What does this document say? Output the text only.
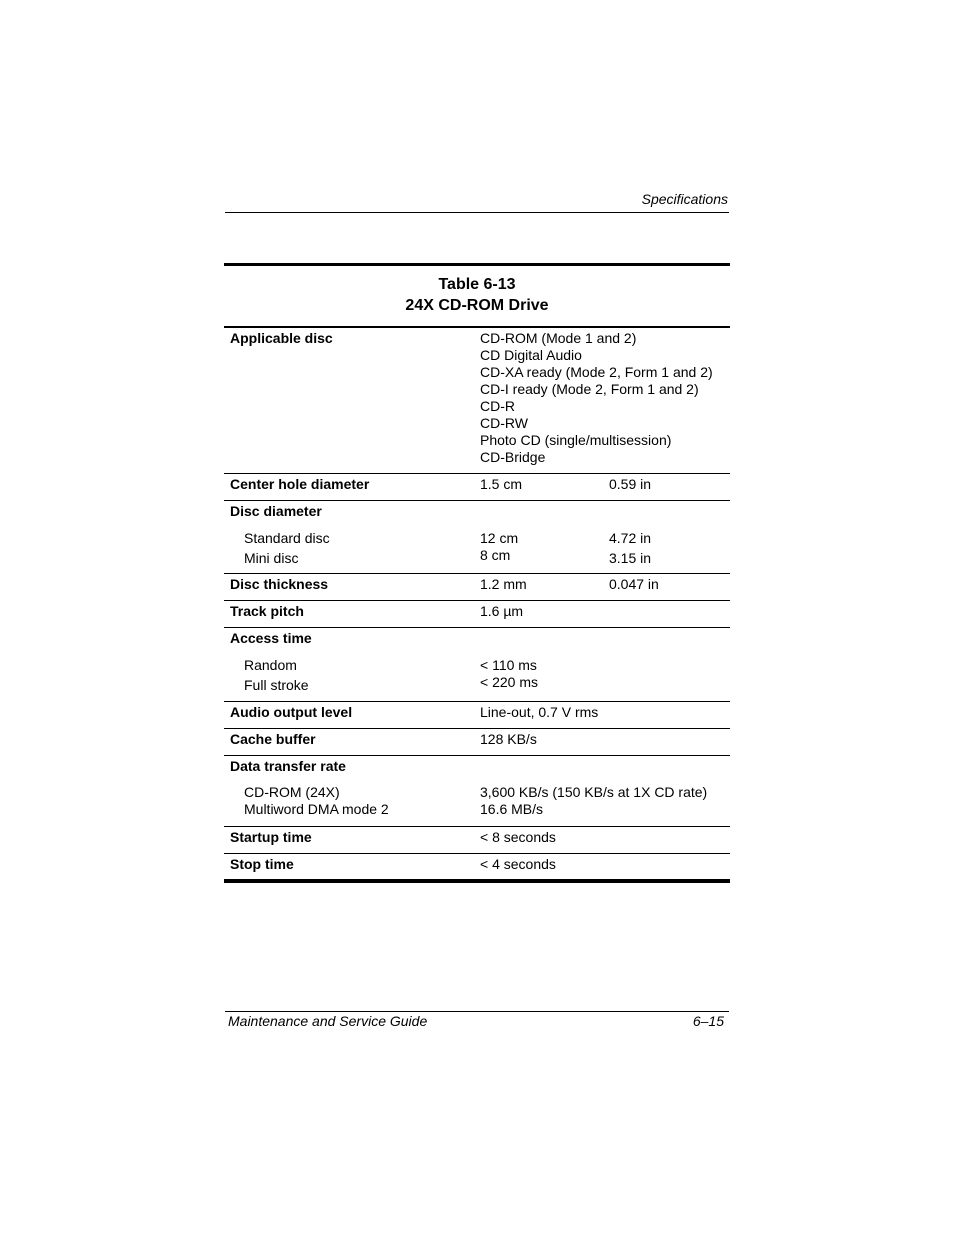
Specifications
Table 6-13
24X CD-ROM Drive
Applicable disc	CD-ROM (Mode 1 and 2)
CD Digital Audio
CD-XA ready (Mode 2, Form 1 and 2)
CD-I ready (Mode 2, Form 1 and 2)
CD-R
CD-RW
Photo CD (single/multisession)
CD-Bridge
Center hole diameter	1.5 cm	0.59 in
Disc diameter
Standard disc	12 cm	4.72 in
Mini disc	8 cm	3.15 in
Disc thickness	1.2 mm	0.047 in
Track pitch	1.6 µm
Access time
Random	< 110 ms
Full stroke	< 220 ms
Audio output level	Line-out, 0.7 V rms
Cache buffer	128 KB/s
Data transfer rate
CD-ROM (24X)	3,600 KB/s (150 KB/s at 1X CD rate)
Multiword DMA mode 2	16.6 MB/s
Startup time	< 8 seconds
Stop time	< 4 seconds
Maintenance and Service Guide	6–15
